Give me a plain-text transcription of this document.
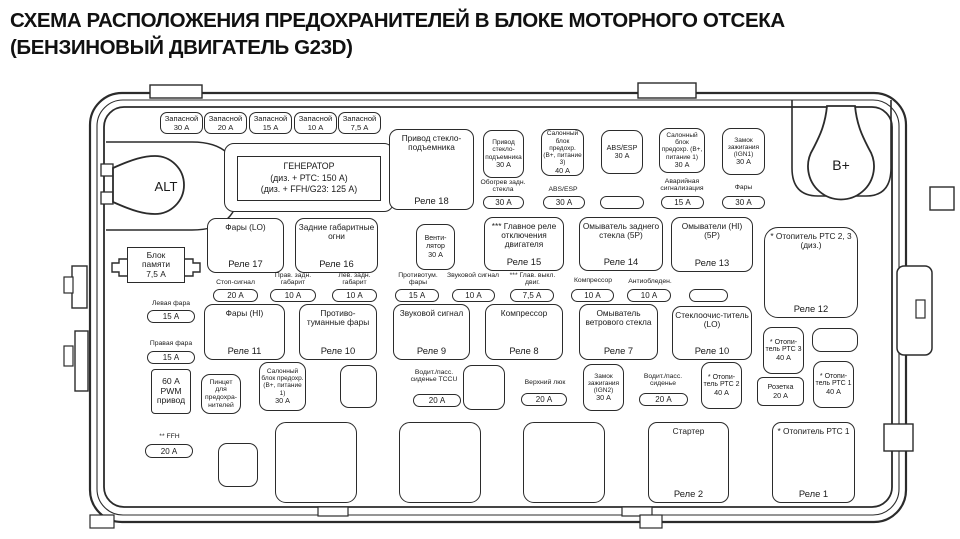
СХЕМА РАСПОЛОЖЕНИЯ ПРЕДОХРАНИТЕЛЕЙ В БЛОКЕ МОТОРНОГО ОТСЕКА
(БЕНЗИНОВЫЙ ДВИГАТЕЛЬ G23D)
ALT
B+
Запасной
30 А
Запасной
20 А
Запасной
15 А
Запасной
10 А
Запасной
7,5 А
ГЕНЕРАТОР
(диз. + РТС: 150 А)
(диз. + FFH/G23: 125 А)
Привод стекло-подъемника
Реле 18
Фары (LO)
Реле 17
Задние габаритные огни
Реле 16
*** Главное реле отключения двигателя
Реле 15
Омыватель заднего стекла (5Р)
Реле 14
Омыватели (HI) (5Р)
Реле 13
* Отопитель РТС 2, 3 (диз.)
Реле 12
Фары (HI)
Реле 11
Противо-туманные фары
Реле 10
Звуковой сигнал
Реле 9
Компрессор
Реле 8
Омыватель ветрового стекла
Реле 7
Стеклоочис-титель (LO)
Реле 10
Стартер
Реле 2
* Отопитель РТС 1
Реле 1
Привод стекло-подъемника
30 А
Салонный блок предохр. (B+, питание 3)
40 А
ABS/ESP
30 А
Салонный блок предохр. (B+, питание 1)
30 А
Замок зажигания (IGN1)
30 А
Венти- лятор
30 А
Замок зажигания (IGN2)
30 А
* Отопи- тель РТС 3
40 А
* Отопи- тель РТС 2
40 А
* Отопи- тель РТС 1
40 А
Розетка
20 А
Салонный блок предохр. (B+, питание 1)
30 А
Пинцет для предохра- нителей
60 А PWM привод
Блок памяти
7,5 А
Обогрев задн. стекла	ABS/ESP
Аварийная сигнализация	Фары
Стоп-сигнал
Прав. задн. габарит
Лев. задн. габарит
Противотум. фары
Звуковой сигнал	*** Глав. выкл. двиг.	Компрессор	Антиобледен.
Левая фара
Правая фара
** FFH
Водит./пасс. сиденье TCCU	Верхний люк
Водит./пасс. сиденье
30 А	30 А	15 А	30 А
20 А	10 А	10 А	15 А	10 А	7,5 А	10 А	10 А
15 А
15 А
20 А
20 А	20 А	20 А
